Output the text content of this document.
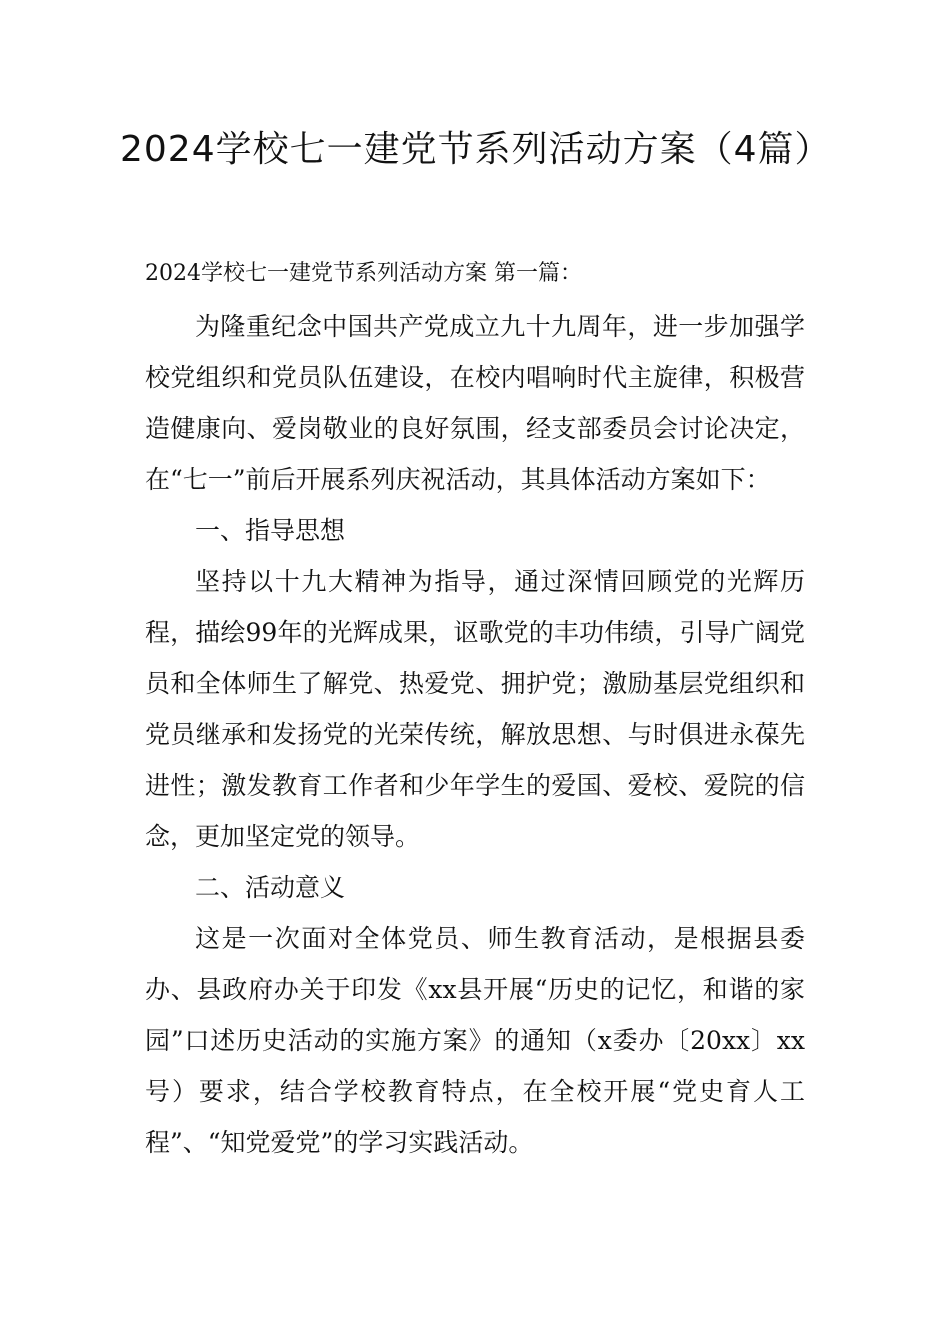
2024学校七一建党节系列活动方案（4篇）

2024学校七一建党节系列活动方案 第一篇：

为隆重纪念中国共产党成立九十九周年，进一步加强学校党组织和党员队伍建设，在校内唱响时代主旋律，积极营造健康向、爱岗敬业的良好氛围，经支部委员会讨论决定，在“七一”前后开展系列庆祝活动，其具体活动方案如下：

一、指导思想

坚持以十九大精神为指导，通过深情回顾党的光辉历程，描绘99年的光辉成果，讴歌党的丰功伟绩，引导广阔党员和全体师生了解党、热爱党、拥护党；激励基层党组织和党员继承和发扬党的光荣传统，解放思想、与时俱进永葆先进性；激发教育工作者和少年学生的爱国、爱校、爱院的信念，更加坚定党的领导。

二、活动意义

这是一次面对全体党员、师生教育活动，是根据县委办、县政府办关于印发《xx县开展“历史的记忆，和谐的家园”口述历史活动的实施方案》的通知（x委办〔20xx〕xx号）要求，结合学校教育特点，在全校开展“党史育人工程”、“知党爱党”的学习实践活动。
